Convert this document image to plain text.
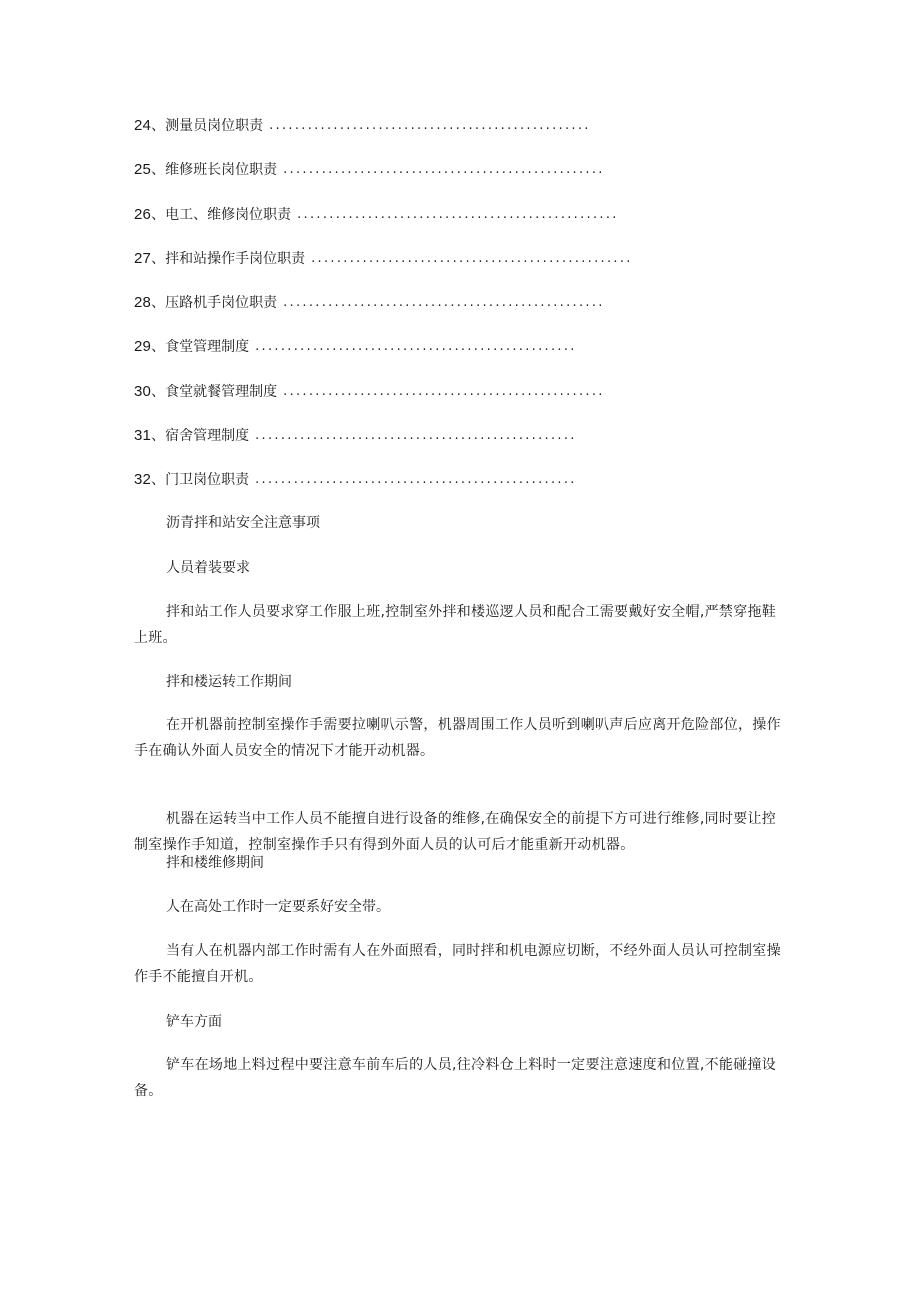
24 、 测量员岗位职责 ..................................................
25 、 维修班长岗位职责 ..................................................
26 、 电工、维修岗位职责 ..................................................
27 、 拌和站操作手岗位职责 ..................................................
28 、 压路机手岗位职责 ..................................................
29 、 食堂管理制度 ..................................................
30 、 食堂就餐管理制度 ..................................................
31 、 宿舍管理制度 ..................................................
32 、 门卫岗位职责 ..................................................
沥青拌和站安全注意事项
人员着装要求
拌和站工作人员要求穿工作服上班,控制室外拌和楼巡逻人员和配合工需要戴好安全帽,严禁穿拖鞋上班。
拌和楼运转工作期间
在开机器前控制室操作手需要拉喇叭示警，机器周围工作人员听到喇叭声后应离开危险部位，操作手在确认外面人员安全的情况下才能开动机器。
机器在运转当中工作人员不能擅自进行设备的维修,在确保安全的前提下方可进行维修,同时要让控制室操作手知道，控制室操作手只有得到外面人员的认可后才能重新开动机器。
拌和楼维修期间
人在高处工作时一定要系好安全带。
当有人在机器内部工作时需有人在外面照看，同时拌和机电源应切断，不经外面人员认可控制室操作手不能擅自开机。
铲车方面
铲车在场地上料过程中要注意车前车后的人员,往冷料仓上料时一定要注意速度和位置,不能碰撞设备。
